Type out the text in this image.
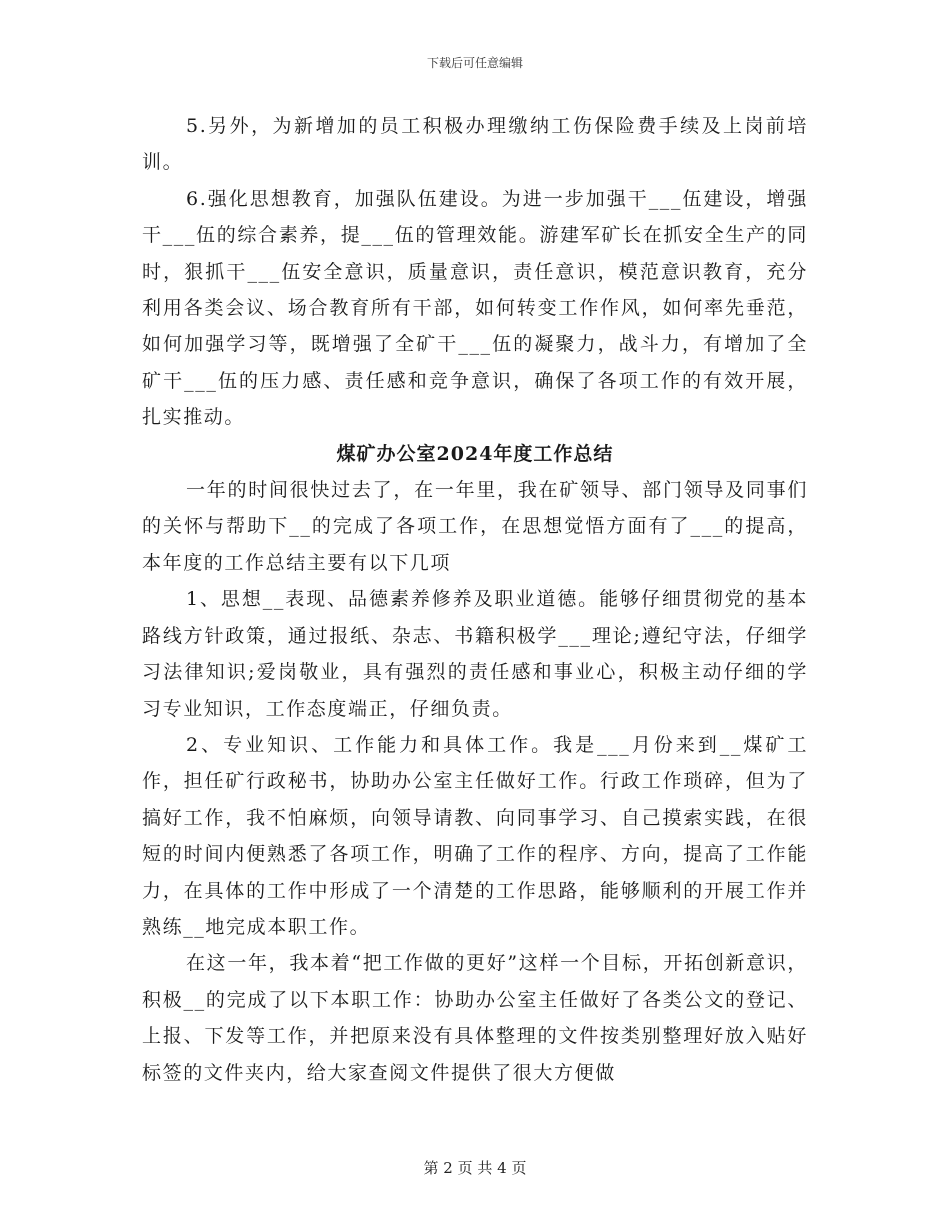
下载后可任意编辑

5.另外，为新增加的员工积极办理缴纳工伤保险费手续及上岗前培训。

6.强化思想教育，加强队伍建设。为进一步加强干___伍建设，增强干___伍的综合素养，提___伍的管理效能。游建军矿长在抓安全生产的同时，狠抓干___伍安全意识，质量意识，责任意识，模范意识教育，充分利用各类会议、场合教育所有干部，如何转变工作作风，如何率先垂范，如何加强学习等，既增强了全矿干___伍的凝聚力，战斗力，有增加了全矿干___伍的压力感、责任感和竞争意识，确保了各项工作的有效开展，扎实推动。

煤矿办公室2024年度工作总结

一年的时间很快过去了，在一年里，我在矿领导、部门领导及同事们的关怀与帮助下__的完成了各项工作，在思想觉悟方面有了___的提高，本年度的工作总结主要有以下几项

1、思想__表现、品德素养修养及职业道德。能够仔细贯彻党的基本路线方针政策，通过报纸、杂志、书籍积极学___理论;遵纪守法，仔细学习法律知识;爱岗敬业，具有强烈的责任感和事业心，积极主动仔细的学习专业知识，工作态度端正，仔细负责。

2、专业知识、工作能力和具体工作。我是___月份来到__煤矿工作，担任矿行政秘书，协助办公室主任做好工作。行政工作琐碎，但为了搞好工作，我不怕麻烦，向领导请教、向同事学习、自己摸索实践，在很短的时间内便熟悉了各项工作，明确了工作的程序、方向，提高了工作能力，在具体的工作中形成了一个清楚的工作思路，能够顺利的开展工作并熟练__地完成本职工作。

在这一年，我本着“把工作做的更好”这样一个目标，开拓创新意识，积极__的完成了以下本职工作：协助办公室主任做好了各类公文的登记、上报、下发等工作，并把原来没有具体整理的文件按类别整理好放入贴好标签的文件夹内，给大家查阅文件提供了很大方便做

第 2 页 共 4 页
